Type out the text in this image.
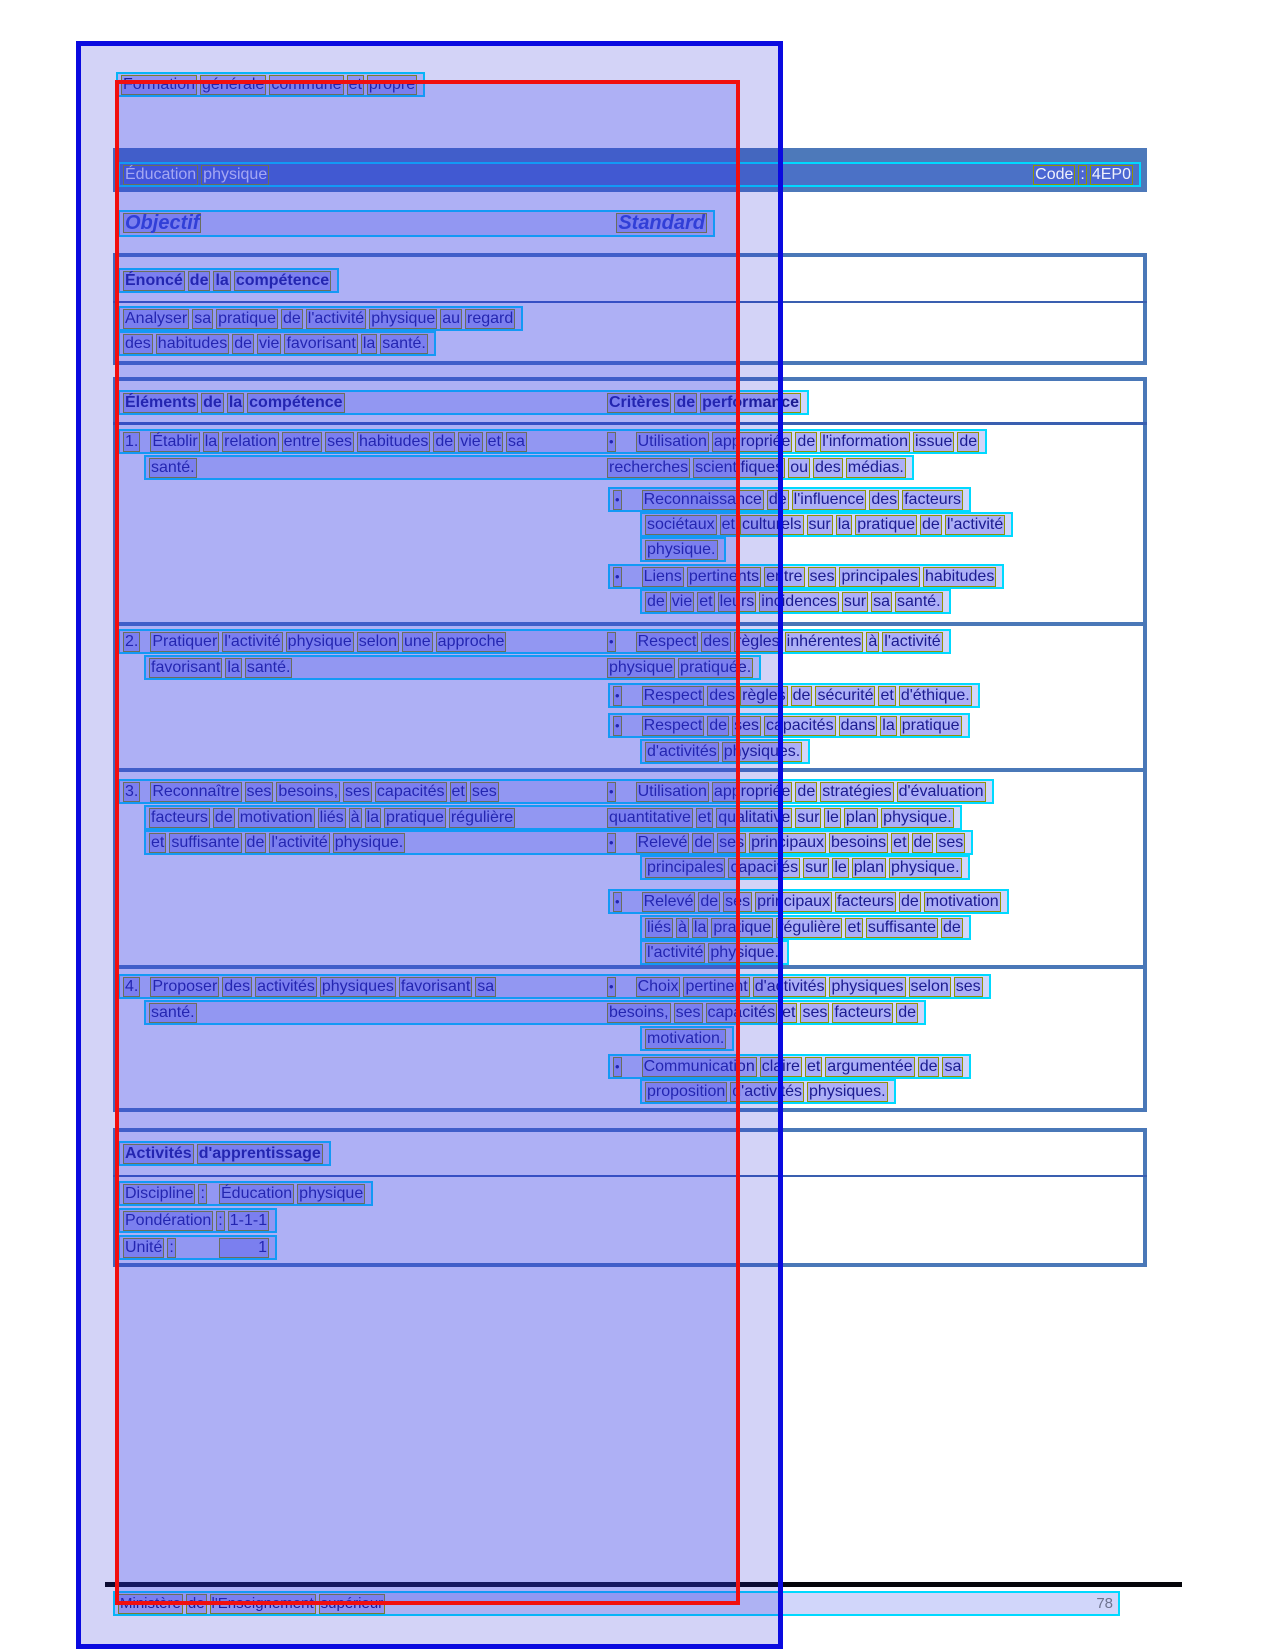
Formation générale commune et propre
Éducation physique	Code : 4EP0
Objectif	Standard
Énoncé de la compétence
Analyser sa pratique de l'activité physique au regard
des habitudes de vie favorisant la santé.
Éléments de la compétence	Critères de performance
1. Établir la relation entre ses habitudes de vie et sa	• Utilisation appropriée de l'information issue de
santé.	recherches scientifiques ou des médias.
• Reconnaissance de l'influence des facteurs
sociétaux et culturels sur la pratique de l'activité
physique.
• Liens pertinents entre ses principales habitudes
de vie et leurs incidences sur sa santé.
2. Pratiquer l'activité physique selon une approche	• Respect des règles inhérentes à l'activité
favorisant la santé.	physique pratiquée.
• Respect des règles de sécurité et d'éthique.
• Respect de ses capacités dans la pratique
d'activités physiques.
3. Reconnaître ses besoins, ses capacités et ses	• Utilisation appropriée de stratégies d'évaluation
facteurs de motivation liés à la pratique régulière	quantitative et qualitative sur le plan physique.
et suffisante de l'activité physique.	• Relevé de ses principaux besoins et de ses
principales capacités sur le plan physique.
• Relevé de ses principaux facteurs de motivation
liés à la pratique régulière et suffisante de
l'activité physique.
4. Proposer des activités physiques favorisant sa	• Choix pertinent d'activités physiques selon ses
santé.	besoins, ses capacités et ses facteurs de
motivation.
• Communication claire et argumentée de sa
proposition d'activités physiques.
Activités d'apprentissage
Discipline :	Éducation physique
Pondération : 1-1-1
Unité :	1
Ministère de l'Enseignement supérieur	78
